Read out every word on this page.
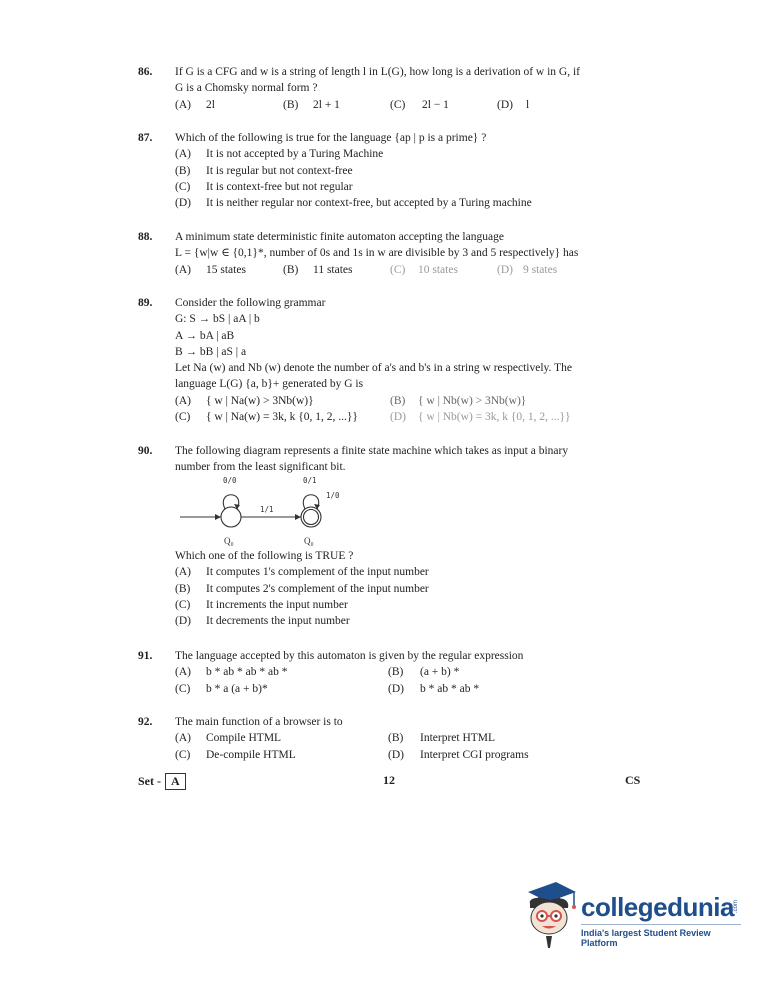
86. If G is a CFG and w is a string of length l in L(G), how long is a derivation of w in G, if
G is a Chomsky normal form ?
(A) 2l	(B) 2l + 1	(C) 2l − 1	(D) l
87. Which of the following is true for the language {ap | p is a prime} ?
(A) It is not accepted by a Turing Machine
(B) It is regular but not context-free
(C) It is context-free but not regular
(D) It is neither regular nor context-free, but accepted by a Turing machine
88. A minimum state deterministic finite automaton accepting the language
L = {w|w ∈ {0,1}*, number of 0s and 1s in w are divisible by 3 and 5 respectively} has
(A) 15 states	(B) 11 states	(C) 10 states	(D) 9 states
89. Consider the following grammar
G: S → bS | aA | b
A → bA | aB
B → bB | aS | a
Let Na (w) and Nb (w) denote the number of a's and b's in a string w respectively. The
language L(G) {a, b}+ generated by G is
(A) { w | Na(w) > 3Nb(w)}	(B) { w | Nb(w) > 3Nb(w)}
(C) { w | Na(w) = 3k, k {0, 1, 2, ...}}	(D) { w | Nb(w) = 3k, k {0, 1, 2, ...}}
90. The following diagram represents a finite state machine which takes as input a binary
number from the least significant bit.
0/0	0/1
1/0
1/1
Q₀	Q₀
Which one of the following is TRUE ?
(A) It computes 1's complement of the input number
(B) It computes 2's complement of the input number
(C) It increments the input number
(D) It decrements the input number
91. The language accepted by this automaton is given by the regular expression
(A) b * ab * ab * ab *	(B) (a + b) *
(C) b * a (a + b)*	(D) b * ab * ab *
92. The main function of a browser is to
(A) Compile HTML	(B) Interpret HTML
(C) De-compile HTML	(D) Interpret CGI programs
Set - A	12	CS
collegedunia .com
India's largest Student Review Platform
